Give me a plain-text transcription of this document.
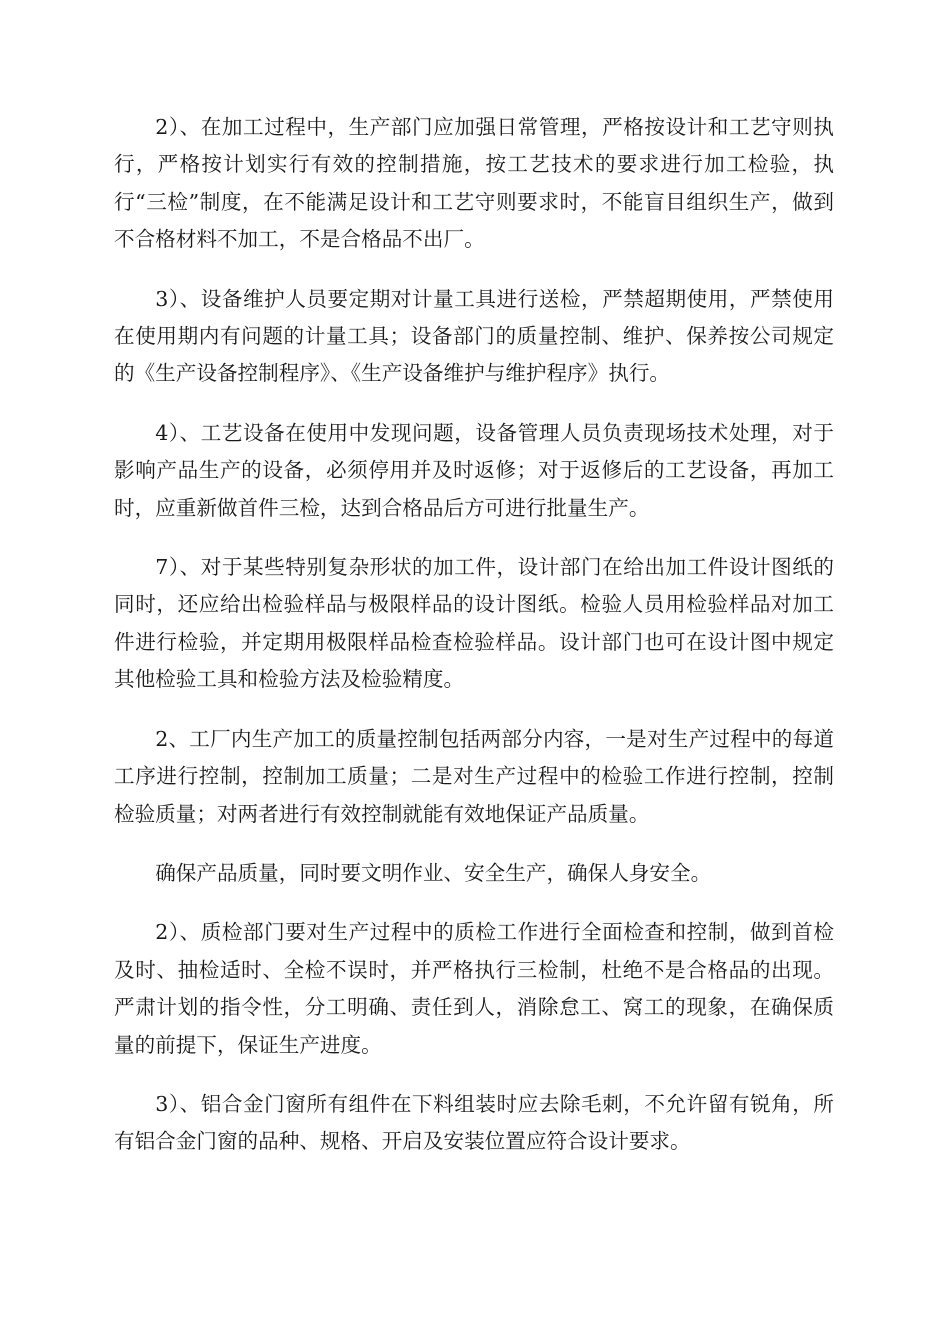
2）、在加工过程中，生产部门应加强日常管理，严格按设计和工艺守则执行，严格按计划实行有效的控制措施，按工艺技术的要求进行加工检验，执行“三检”制度，在不能满足设计和工艺守则要求时，不能盲目组织生产，做到不合格材料不加工，不是合格品不出厂。

3）、设备维护人员要定期对计量工具进行送检，严禁超期使用，严禁使用在使用期内有问题的计量工具；设备部门的质量控制、维护、保养按公司规定的《生产设备控制程序》、《生产设备维护与维护程序》执行。

4）、工艺设备在使用中发现问题，设备管理人员负责现场技术处理，对于影响产品生产的设备，必须停用并及时返修；对于返修后的工艺设备，再加工时，应重新做首件三检，达到合格品后方可进行批量生产。

7）、对于某些特别复杂形状的加工件，设计部门在给出加工件设计图纸的同时，还应给出检验样品与极限样品的设计图纸。检验人员用检验样品对加工件进行检验，并定期用极限样品检查检验样品。设计部门也可在设计图中规定其他检验工具和检验方法及检验精度。

2、工厂内生产加工的质量控制包括两部分内容，一是对生产过程中的每道工序进行控制，控制加工质量；二是对生产过程中的检验工作进行控制，控制检验质量；对两者进行有效控制就能有效地保证产品质量。

确保产品质量，同时要文明作业、安全生产，确保人身安全。

2）、质检部门要对生产过程中的质检工作进行全面检查和控制，做到首检及时、抽检适时、全检不误时，并严格执行三检制，杜绝不是合格品的出现。严肃计划的指令性，分工明确、责任到人，消除怠工、窝工的现象，在确保质量的前提下，保证生产进度。

3）、铝合金门窗所有组件在下料组装时应去除毛刺，不允许留有锐角，所有铝合金门窗的品种、规格、开启及安装位置应符合设计要求。
